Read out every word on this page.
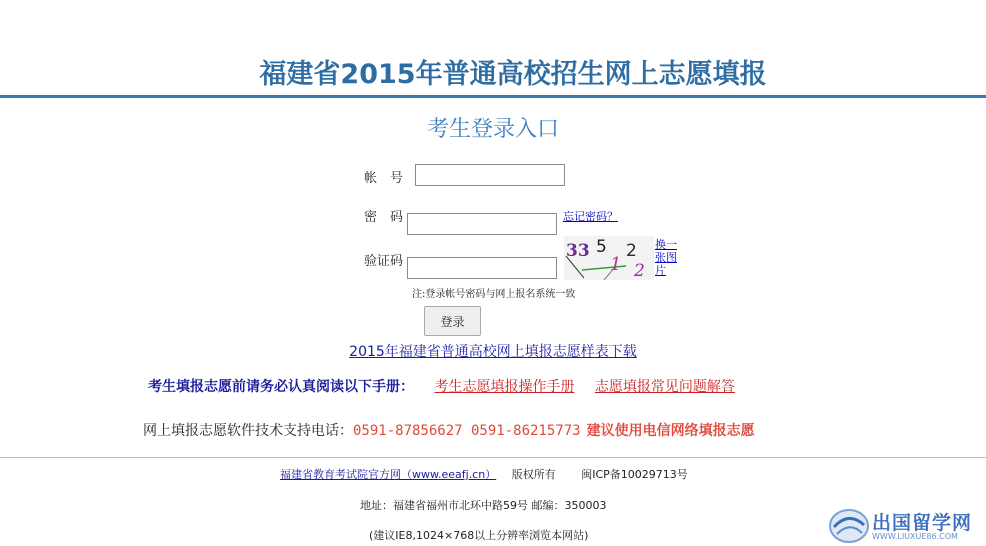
福建省2015年普通高校招生网上志愿填报
考生登录入口
帐　号
密　码	忘记密码？
验证码
33 5
1
2
2
换一张图片
注:登录帐号密码与网上报名系统一致
登录
2015年福建省普通高校网上填报志愿样表下载
考生填报志愿前请务必认真阅读以下手册： 考生志愿填报操作手册 志愿填报常见问题解答
网上填报志愿软件技术支持电话：0591-87856627 0591-86215773 建议使用电信网络填报志愿
福建省教育考试院官方网（www.eeafj.cn） 版权所有 闽ICP备10029713号
地址：福建省福州市北环中路59号 邮编：350003
(建议IE8,1024×768以上分辨率浏览本网站)
出国留学网
WWW.LIUXUE86.COM
